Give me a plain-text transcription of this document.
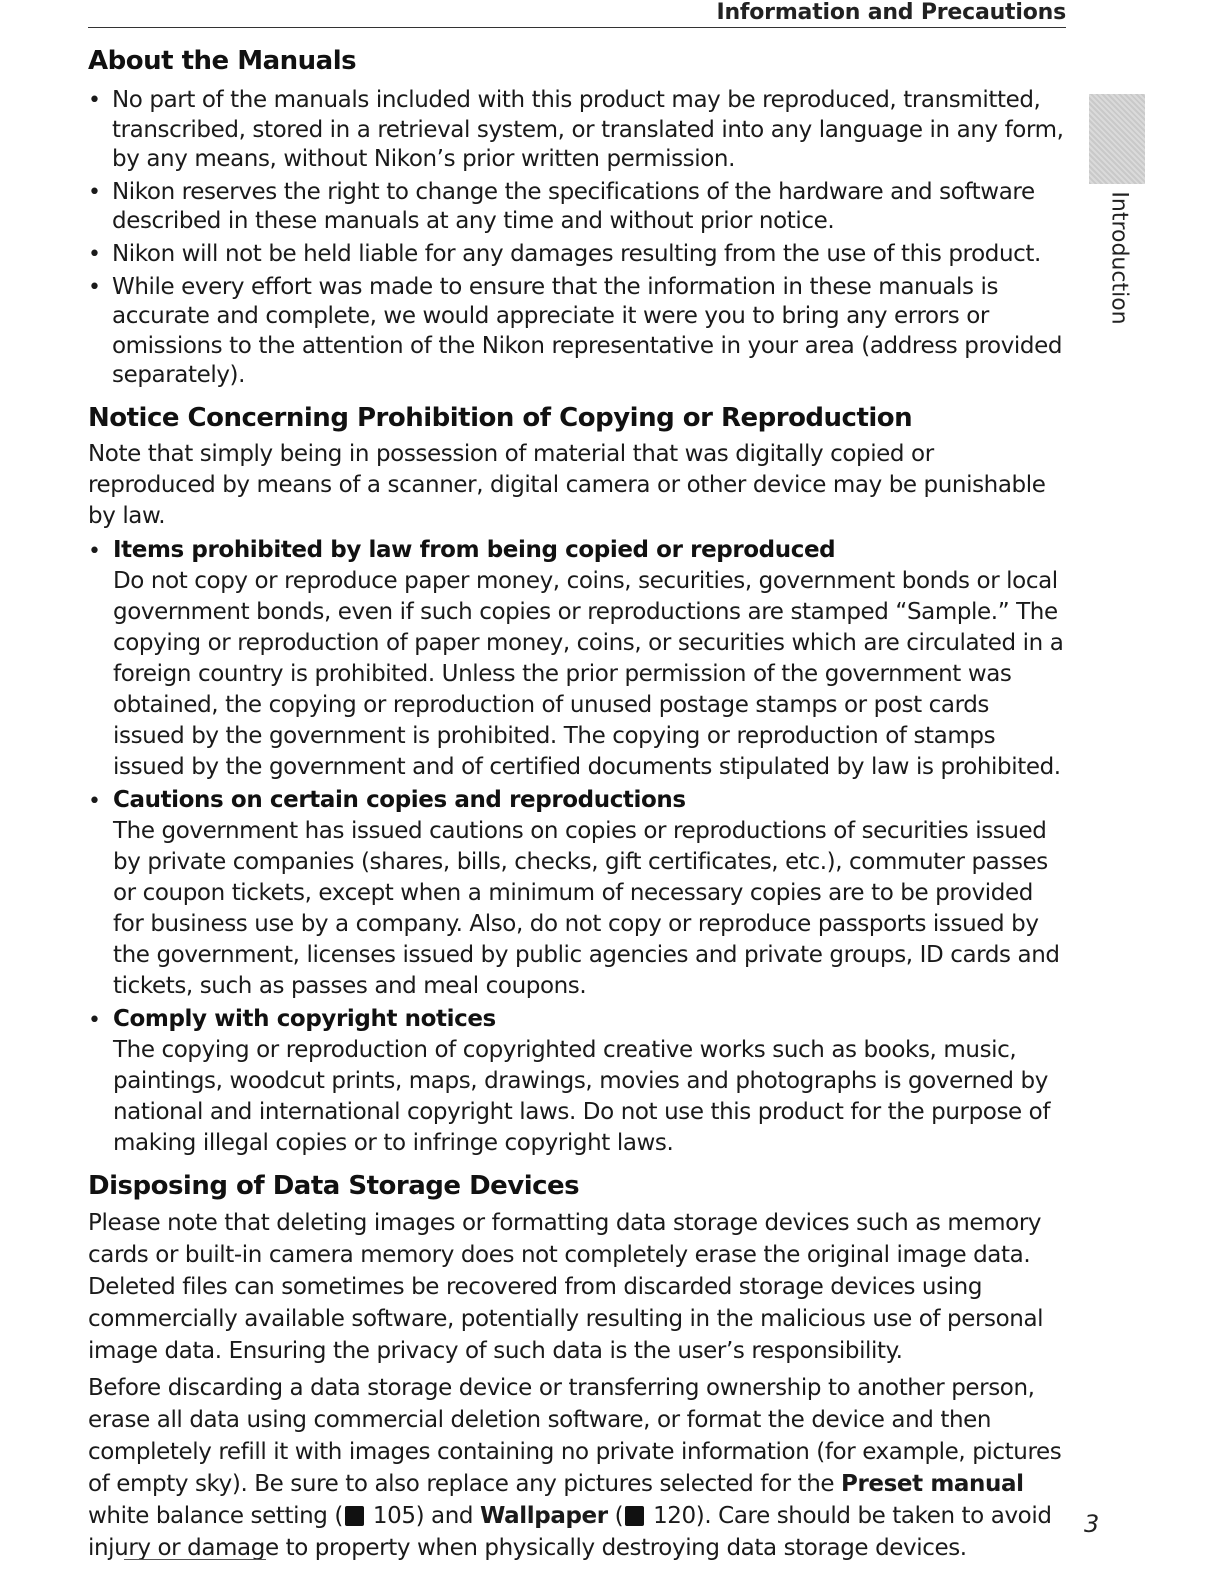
Information and Precautions
Introduction
About the Manuals
• No part of the manuals included with this product may be reproduced, transmitted, transcribed, stored in a retrieval system, or translated into any language in any form, by any means, without Nikon’s prior written permission.
• Nikon reserves the right to change the specifications of the hardware and software described in these manuals at any time and without prior notice.
• Nikon will not be held liable for any damages resulting from the use of this product.
• While every effort was made to ensure that the information in these manuals is accurate and complete, we would appreciate it were you to bring any errors or omissions to the attention of the Nikon representative in your area (address provided separately).
Notice Concerning Prohibition of Copying or Reproduction

Note that simply being in possession of material that was digitally copied or reproduced by means of a scanner, digital camera or other device may be punishable by law.

• Items prohibited by law from being copied or reproduced
Do not copy or reproduce paper money, coins, securities, government bonds or local government bonds, even if such copies or reproductions are stamped “Sample.” The copying or reproduction of paper money, coins, or securities which are circulated in a foreign country is prohibited. Unless the prior permission of the government was obtained, the copying or reproduction of unused postage stamps or post cards issued by the government is prohibited. The copying or reproduction of stamps issued by the government and of certified documents stipulated by law is prohibited.
• Cautions on certain copies and reproductions
The government has issued cautions on copies or reproductions of securities issued by private companies (shares, bills, checks, gift certificates, etc.), commuter passes or coupon tickets, except when a minimum of necessary copies are to be provided for business use by a company. Also, do not copy or reproduce passports issued by the government, licenses issued by public agencies and private groups, ID cards and tickets, such as passes and meal coupons.
• Comply with copyright notices
The copying or reproduction of copyrighted creative works such as books, music, paintings, woodcut prints, maps, drawings, movies and photographs is governed by national and international copyright laws. Do not use this product for the purpose of making illegal copies or to infringe copyright laws.
Disposing of Data Storage Devices

Please note that deleting images or formatting data storage devices such as memory cards or built-in camera memory does not completely erase the original image data. Deleted files can sometimes be recovered from discarded storage devices using commercially available software, potentially resulting in the malicious use of personal image data. Ensuring the privacy of such data is the user’s responsibility.

Before discarding a data storage device or transferring ownership to another person, erase all data using commercial deletion software, or format the device and then completely refill it with images containing no private information (for example, pictures of empty sky). Be sure to also replace any pictures selected for the Preset manual white balance setting ( 105) and Wallpaper ( 120). Care should be taken to avoid injury or damage to property when physically destroying data storage devices.

3
